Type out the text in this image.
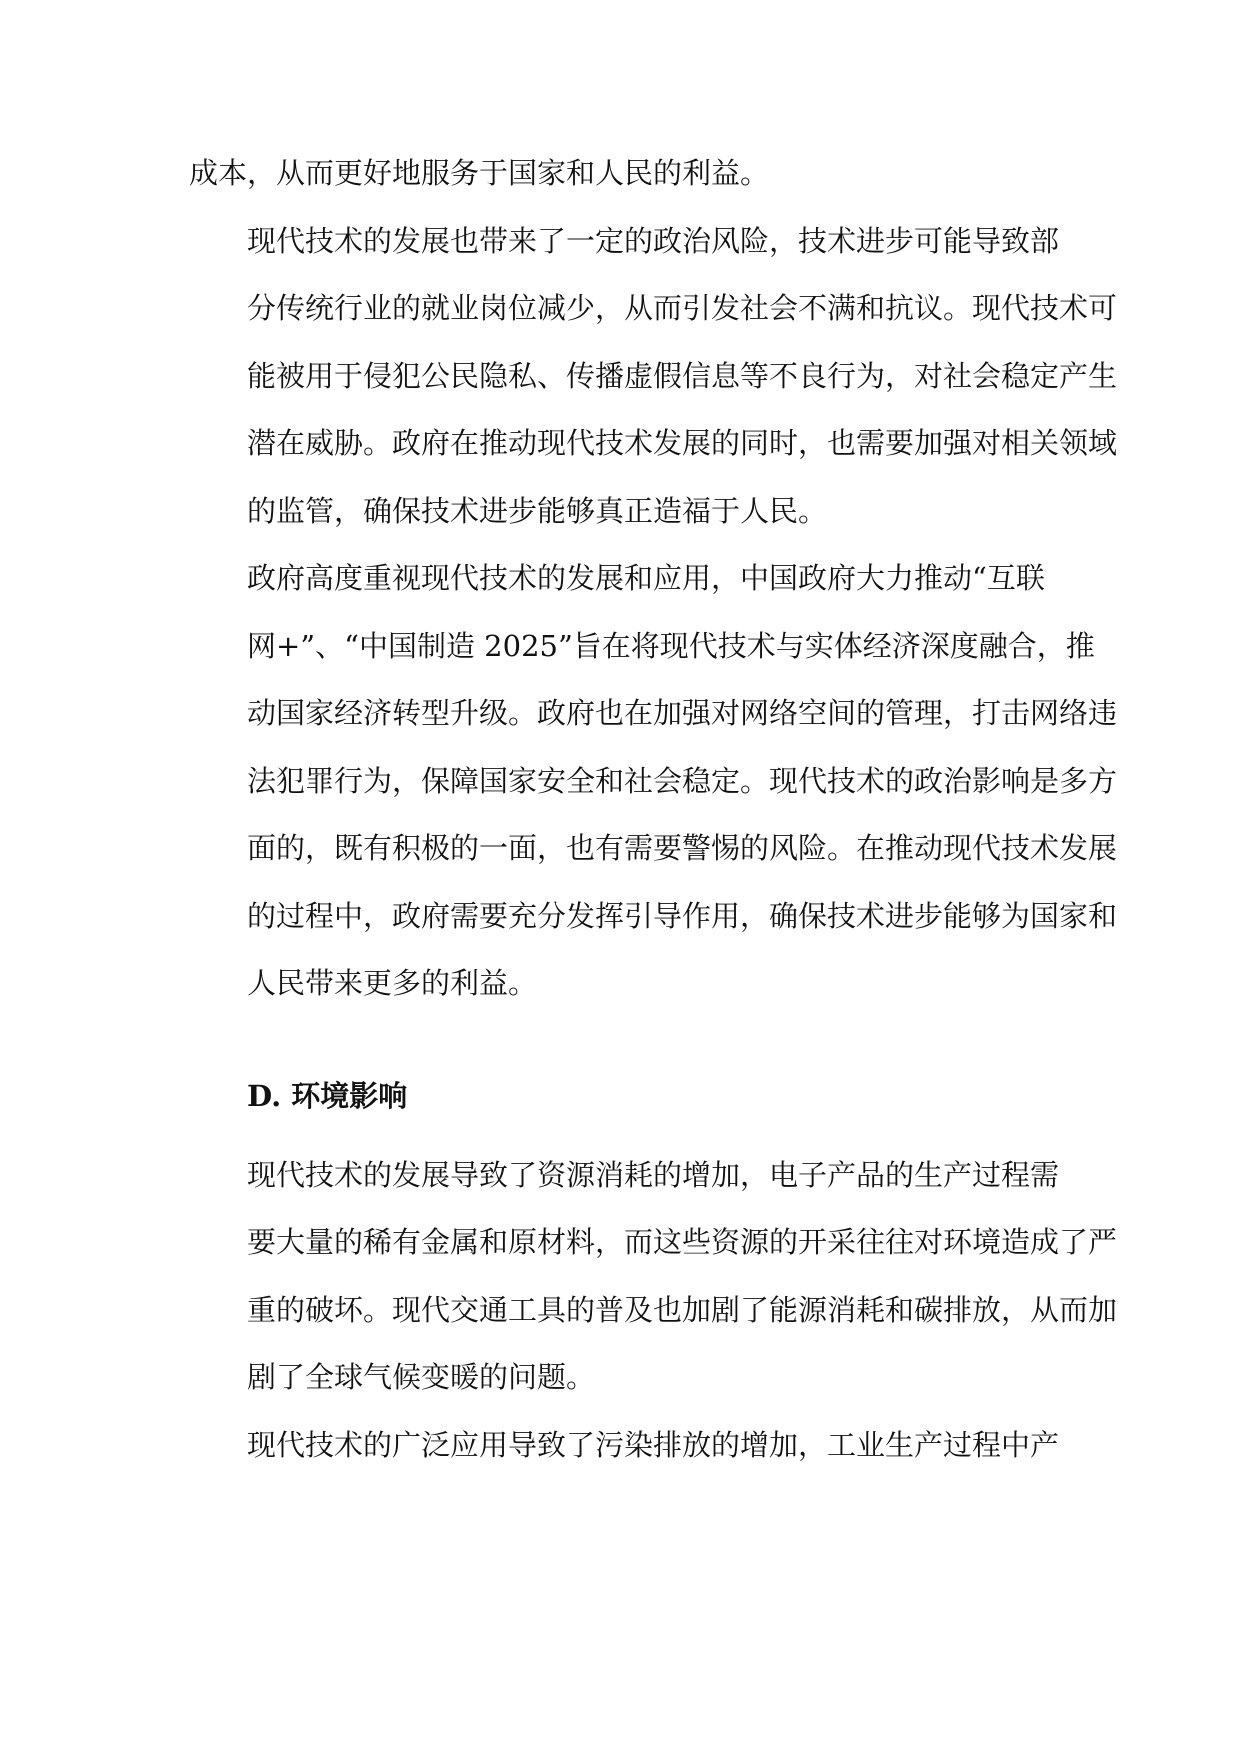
成本，从而更好地服务于国家和人民的利益。

现代技术的发展也带来了一定的政治风险，技术进步可能导致部
分传统行业的就业岗位减少，从而引发社会不满和抗议。现代技术可
能被用于侵犯公民隐私、传播虚假信息等不良行为，对社会稳定产生
潜在威胁。政府在推动现代技术发展的同时，也需要加强对相关领域
的监管，确保技术进步能够真正造福于人民。

政府高度重视现代技术的发展和应用，中国政府大力推动“互联
网+”、“中国制造 2025”旨在将现代技术与实体经济深度融合，推
动国家经济转型升级。政府也在加强对网络空间的管理，打击网络违
法犯罪行为，保障国家安全和社会稳定。现代技术的政治影响是多方
面的，既有积极的一面，也有需要警惕的风险。在推动现代技术发展
的过程中，政府需要充分发挥引导作用，确保技术进步能够为国家和
人民带来更多的利益。

D. 环境影响

现代技术的发展导致了资源消耗的增加，电子产品的生产过程需
要大量的稀有金属和原材料，而这些资源的开采往往对环境造成了严
重的破坏。现代交通工具的普及也加剧了能源消耗和碳排放，从而加
剧了全球气候变暖的问题。

现代技术的广泛应用导致了污染排放的增加，工业生产过程中产
